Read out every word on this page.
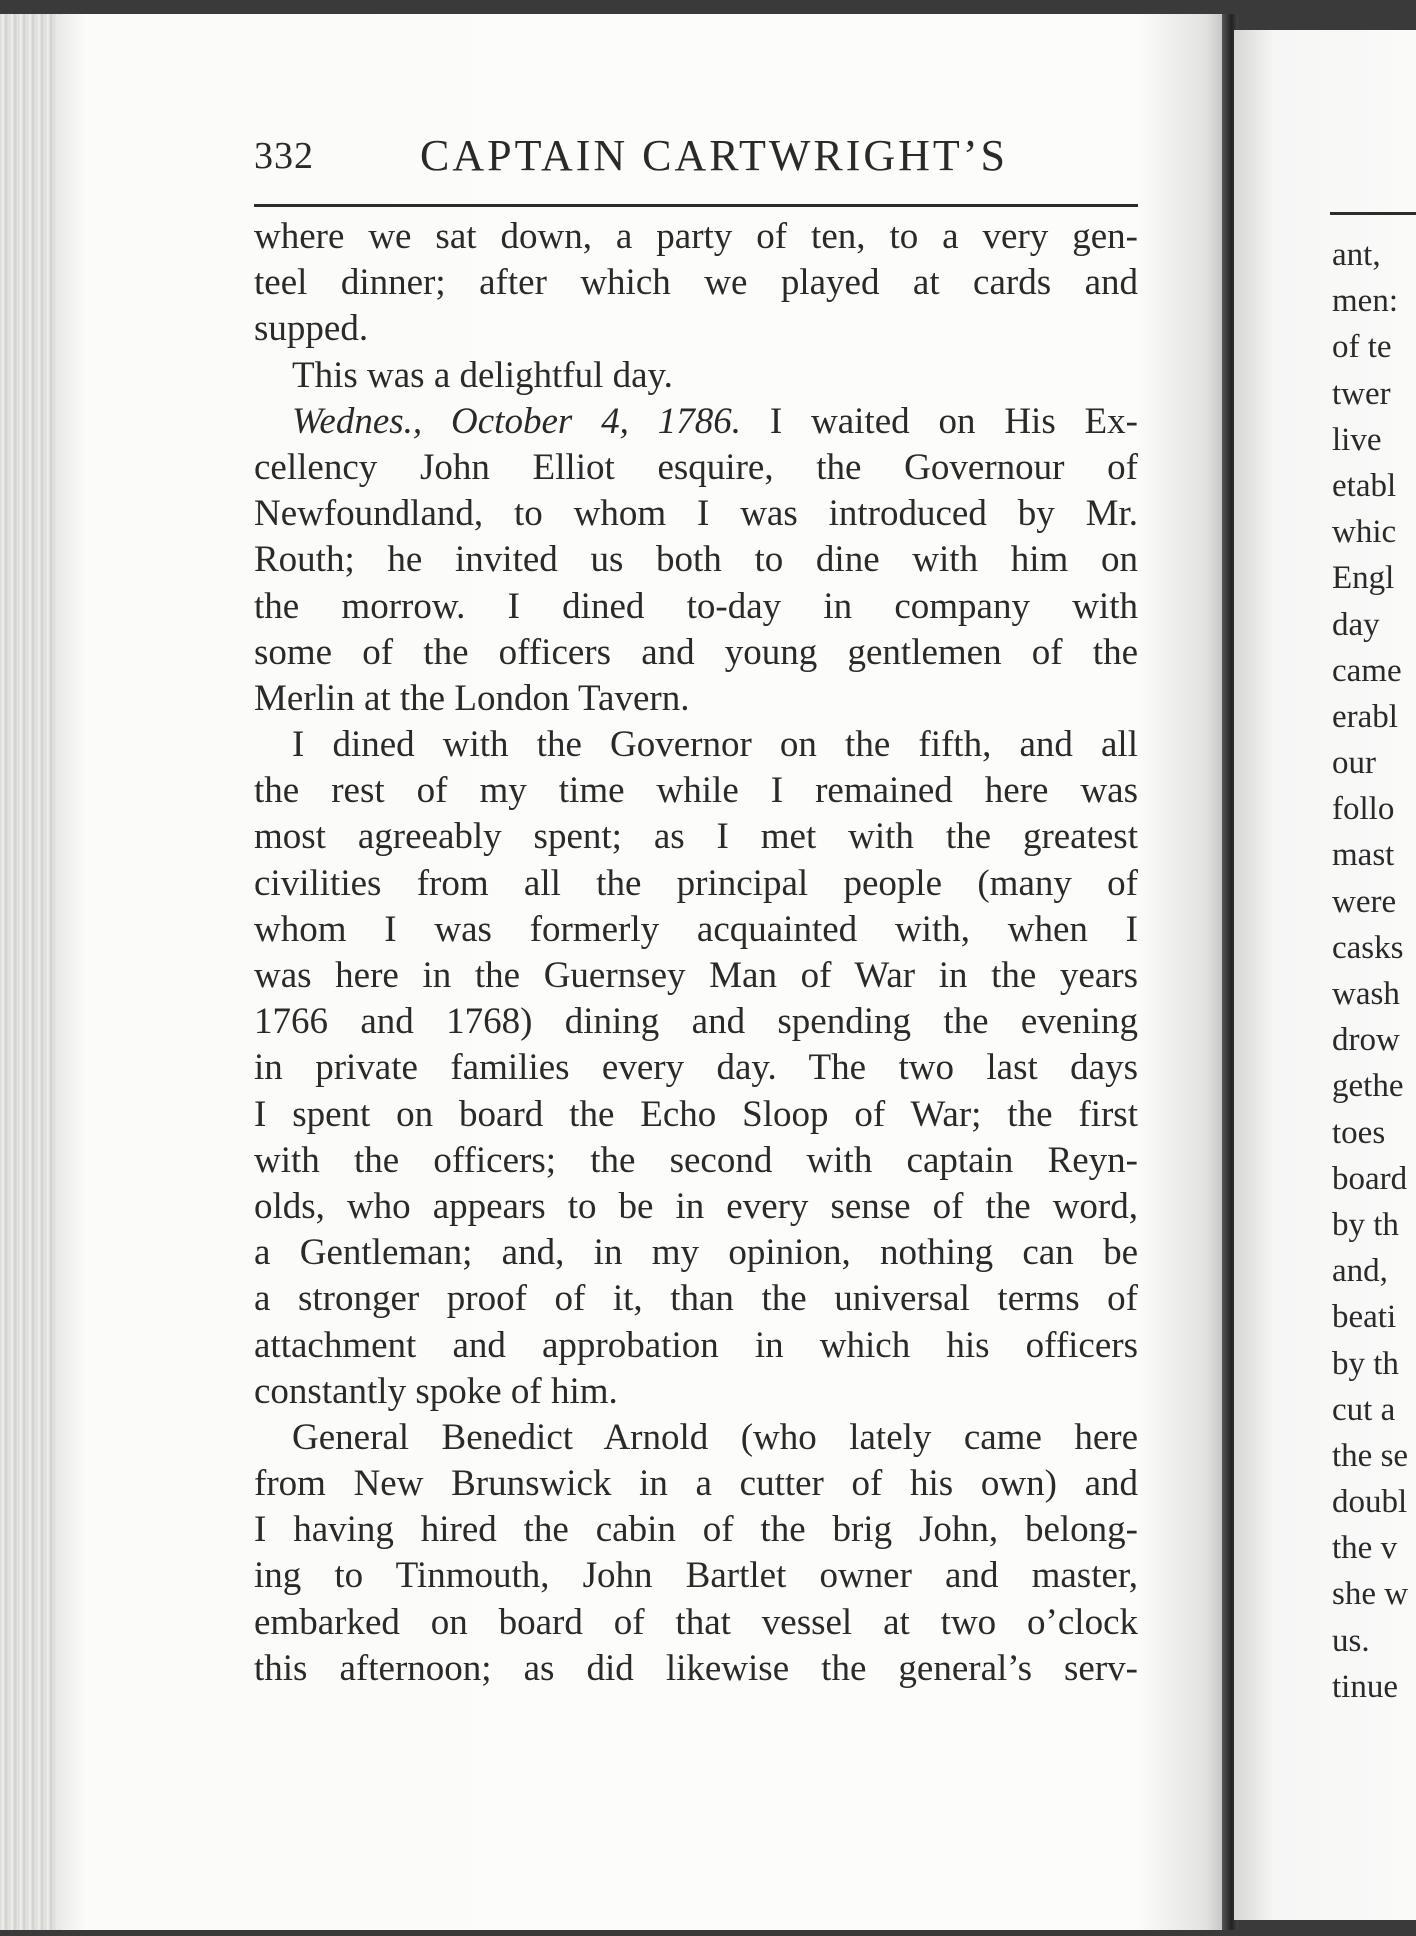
332 CAPTAIN CARTWRIGHT’S
where we sat down, a party of ten, to a very gen-
teel dinner; after which we played at cards and
supped.
This was a delightful day.
Wednes., October 4, 1786. I waited on His Ex-
cellency John Elliot esquire, the Governour of
Newfoundland, to whom I was introduced by Mr.
Routh; he invited us both to dine with him on
the morrow. I dined to-day in company with
some of the officers and young gentlemen of the
Merlin at the London Tavern.
I dined with the Governor on the fifth, and all
the rest of my time while I remained here was
most agreeably spent; as I met with the greatest
civilities from all the principal people (many of
whom I was formerly acquainted with, when I
was here in the Guernsey Man of War in the years
1766 and 1768) dining and spending the evening
in private families every day. The two last days
I spent on board the Echo Sloop of War; the first
with the officers; the second with captain Reyn-
olds, who appears to be in every sense of the word,
a Gentleman; and, in my opinion, nothing can be
a stronger proof of it, than the universal terms of
attachment and approbation in which his officers
constantly spoke of him.
General Benedict Arnold (who lately came here
from New Brunswick in a cutter of his own) and
I having hired the cabin of the brig John, belong-
ing to Tinmouth, John Bartlet owner and master,
embarked on board of that vessel at two o’clock
this afternoon; as did likewise the general’s serv-
ant,
men:
of te
twer
live
etabl
whic
Engl
day
came
erabl
our
follo
mast
were
casks
wash
drow
gethe
toes
board
by th
and,
beati
by th
cut a
the se
doubl
the v
she w
us.
tinue
